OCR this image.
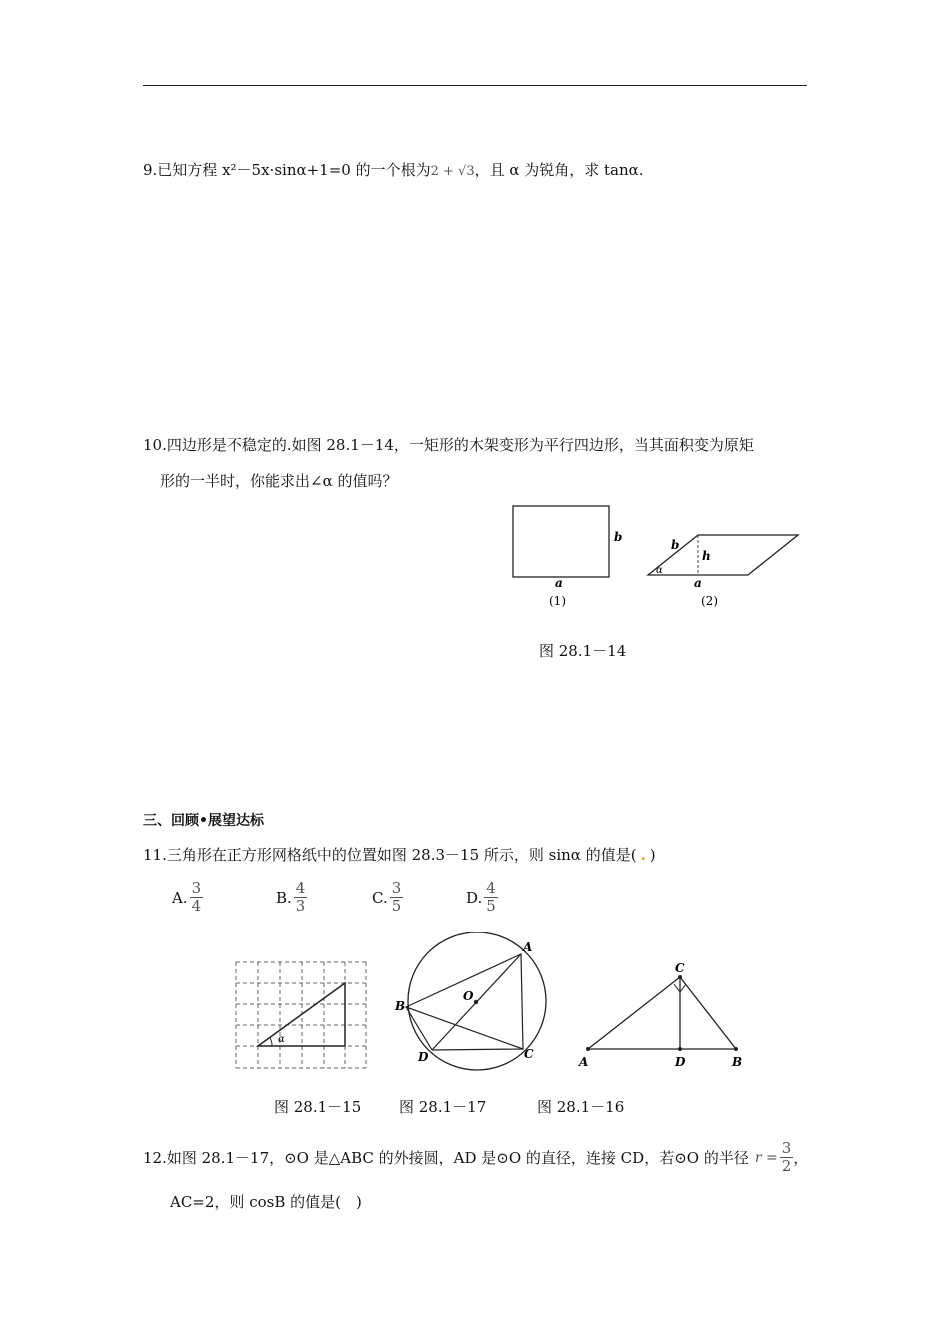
9.已知方程 x²－5x·sinα+1=0 的一个根为2 + √3，且 α 为锐角，求 tanα.
10.四边形是不稳定的.如图 28.1－14，一矩形的木架变形为平行四边形，当其面积变为原矩
形的一半时，你能求出∠α 的值吗？
b
a
(1)
b
h
α
a
(2)
图 28.1－14
三、回顾•展望达标
11.三角形在正方形网格纸中的位置如图 28.3－15 所示，则 sinα 的值是( . )
A. $\frac{3}{4}$	B. $\frac{4}{3}$	C. $\frac{3}{5}$	D. $\frac{4}{5}$
α
A
B
C
D
O
C
A	D	B
图 28.1－15	图 28.1－17	图 28.1－16
12.如图 28.1－17，⊙O 是△ABC 的外接圆，AD 是⊙O 的直径，连接 CD，若⊙O 的半径 $r = \frac{3}{2}$ ，
AC=2，则 cosB 的值是(　)
